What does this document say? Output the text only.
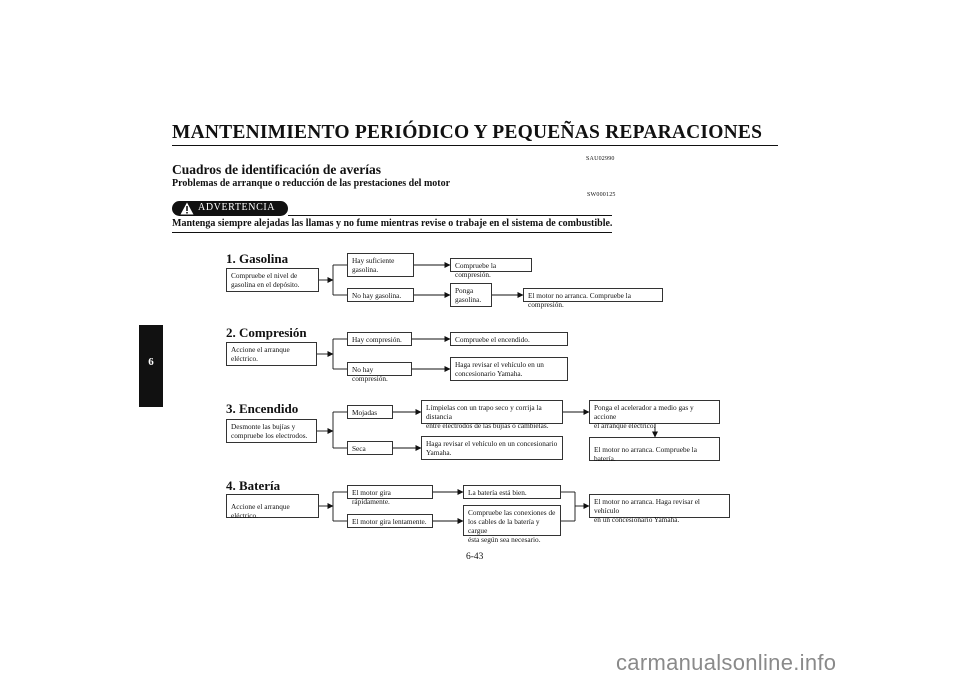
MANTENIMIENTO PERIÓDICO Y PEQUEÑAS REPARACIONES
6
SAU02990
Cuadros de identificación de averías
Problemas de arranque o reducción de las prestaciones del motor
SW000125
ADVERTENCIA
Mantenga siempre alejadas las llamas y no fume mientras revise o trabaje en el sistema de combustible.
1. Gasolina
Compruebe el nivel de
gasolina en el depósito.
Hay suficiente
gasolina.
No hay gasolina.
Compruebe la compresión.
Ponga
gasolina.	El motor no arranca. Compruebe la compresión.
2. Compresión
Accione el arranque
eléctrico.
Hay compresión.
No hay compresión.
Compruebe el encendido.
Haga revisar el vehículo en un
concesionario Yamaha.
3. Encendido
Desmonte las bujías y
compruebe los electrodos.
Mojadas
Seca
Límpielas con un trapo seco y corrija la distancia
entre electrodos de las bujías o cámbielas.
Haga revisar el vehículo en un concesionario
Yamaha.
Ponga el acelerador a medio gas y accione
el arranque eléctrico.
El motor no arranca. Compruebe la batería.
4. Batería
Accione el arranque eléctrico.
El motor gira rápidamente.
El motor gira lentamente.
La batería está bien.
Compruebe las conexiones de
los cables de la batería y cargue
ésta según sea necesario.
El motor no arranca. Haga revisar el vehículo
en un concesionario Yamaha.
6-43
carmanualsonline.info
